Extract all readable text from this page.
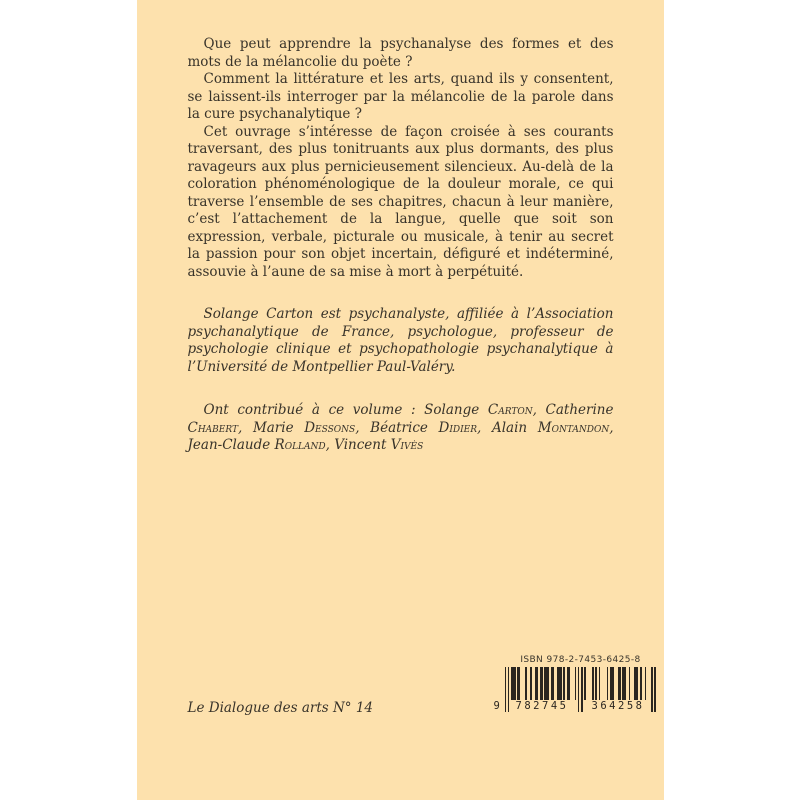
Que peut apprendre la psychanalyse des formes et des mots de la mélancolie du poète ?

Comment la littérature et les arts, quand ils y consentent, se laissent-ils interroger par la mélancolie de la parole dans la cure psychanalytique ?

Cet ouvrage s’intéresse de façon croisée à ses courants traversant, des plus tonitruants aux plus dormants, des plus ravageurs aux plus pernicieusement silencieux. Au-delà de la coloration phénoménologique de la douleur morale, ce qui traverse l’ensemble de ses chapitres, chacun à leur manière, c’est l’attachement de la langue, quelle que soit son expression, verbale, picturale ou musicale, à tenir au secret la passion pour son objet incertain, défiguré et indéterminé, assouvie à l’aune de sa mise à mort à perpétuité.

Solange Carton est psychanalyste, affiliée à l’Association psychanalytique de France, psychologue, professeur de psychologie clinique et psychopathologie psychanalytique à l’Université de Montpellier Paul-Valéry.

Ont contribué à ce volume : Solange Carton, Catherine Chabert, Marie Dessons, Béatrice Didier, Alain Montandon, Jean-Claude Rolland, Vincent Vivès

Le Dialogue des arts N° 14
ISBN 978-2-7453-6425-8
9	782745	364258
